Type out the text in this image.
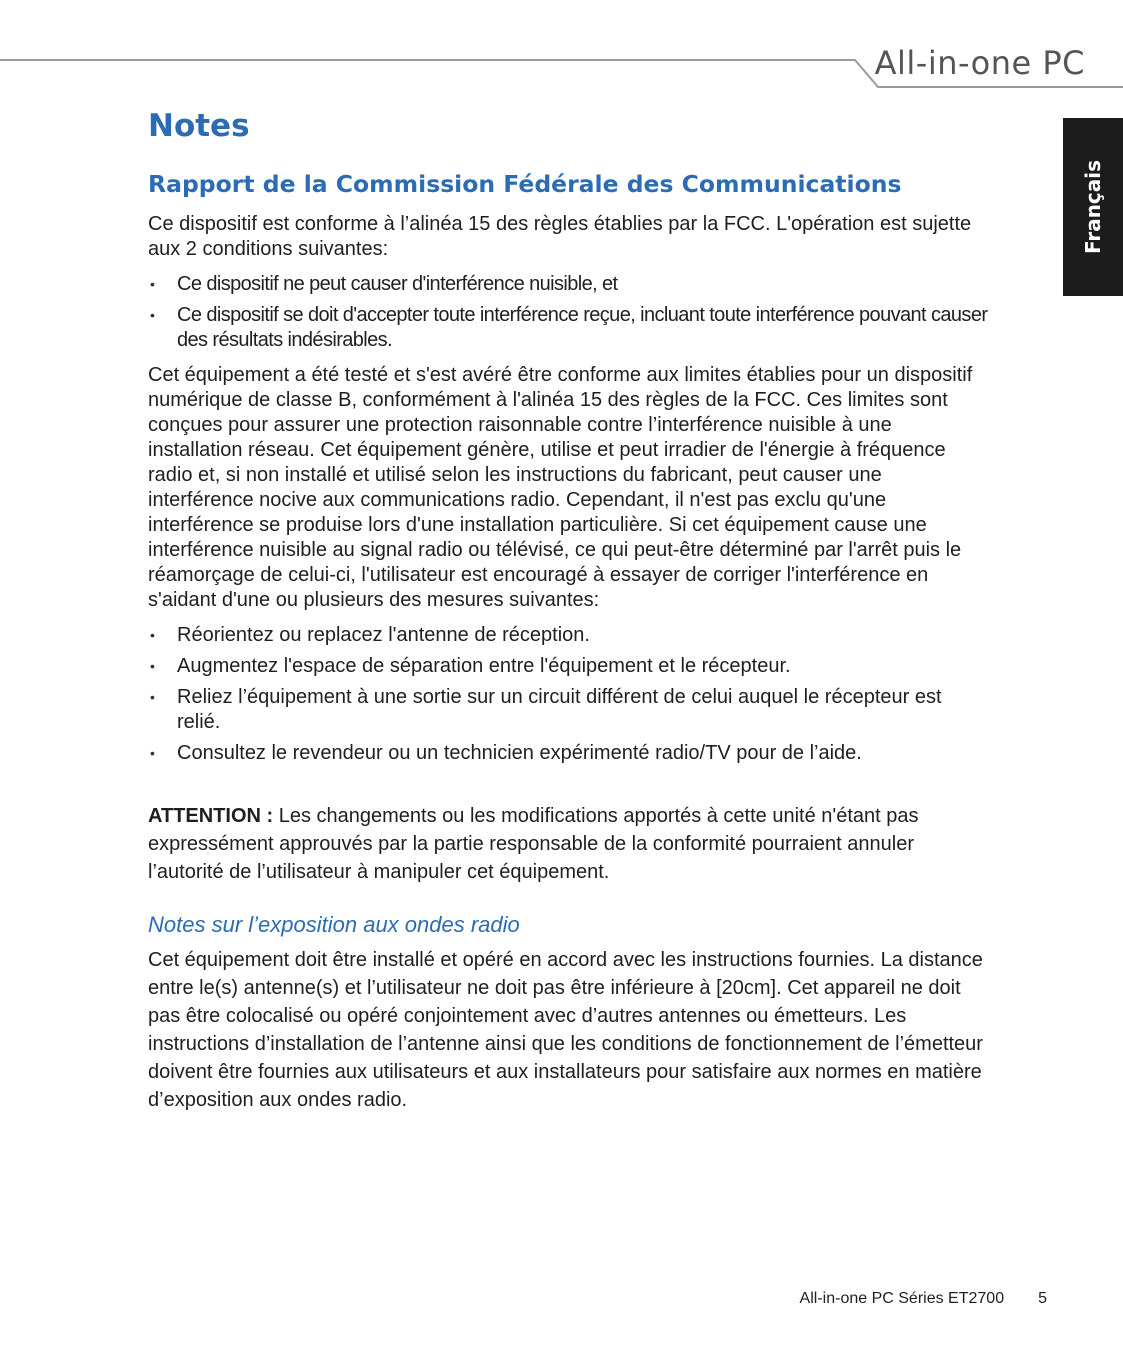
All-in-one PC
Français
Notes
Rapport de la Commission Fédérale des Communications

Ce dispositif est conforme à l’alinéa 15 des règles établies par la FCC. L'opération est sujette aux 2 conditions suivantes:

• Ce dispositif ne peut causer d'interférence nuisible, et
• Ce dispositif se doit d'accepter toute interférence reçue, incluant toute interférence pouvant causer des résultats indésirables.

Cet équipement a été testé et s'est avéré être conforme aux limites établies pour un dispositif numérique de classe B, conformément à l'alinéa 15 des règles de la FCC. Ces limites sont conçues pour assurer une protection raisonnable contre l’interférence nuisible à une installation réseau. Cet équipement génère, utilise et peut irradier de l'énergie à fréquence radio et, si non installé et utilisé selon les instructions du fabricant, peut causer une interférence nocive aux communications radio. Cependant, il n'est pas exclu qu'une interférence se produise lors d'une installation particulière. Si cet équipement cause une interférence nuisible au signal radio ou télévisé, ce qui peut-être déterminé par l'arrêt puis le réamorçage de celui-ci, l'utilisateur est encouragé à essayer de corriger l'interférence en s'aidant d'une ou plusieurs des mesures suivantes:

• Réorientez ou replacez l'antenne de réception.
• Augmentez l'espace de séparation entre l'équipement et le récepteur.
• Reliez l’équipement à une sortie sur un circuit différent de celui auquel le récepteur est relié.
• Consultez le revendeur ou un technicien expérimenté radio/TV pour de l’aide.

ATTENTION : Les changements ou les modifications apportés à cette unité n'étant pas expressément approuvés par la partie responsable de la conformité pourraient annuler l’autorité de l’utilisateur à manipuler cet équipement.

Notes sur l’exposition aux ondes radio

Cet équipement doit être installé et opéré en accord avec les instructions fournies. La distance entre le(s) antenne(s) et l’utilisateur ne doit pas être inférieure à [20cm]. Cet appareil ne doit pas être colocalisé ou opéré conjointement avec d’autres antennes ou émetteurs. Les instructions d’installation de l’antenne ainsi que les conditions de fonctionnement de l’émetteur doivent être fournies aux utilisateurs et aux installateurs pour satisfaire aux normes en matière d’exposition aux ondes radio.

All-in-one PC Séries ET2700 5
